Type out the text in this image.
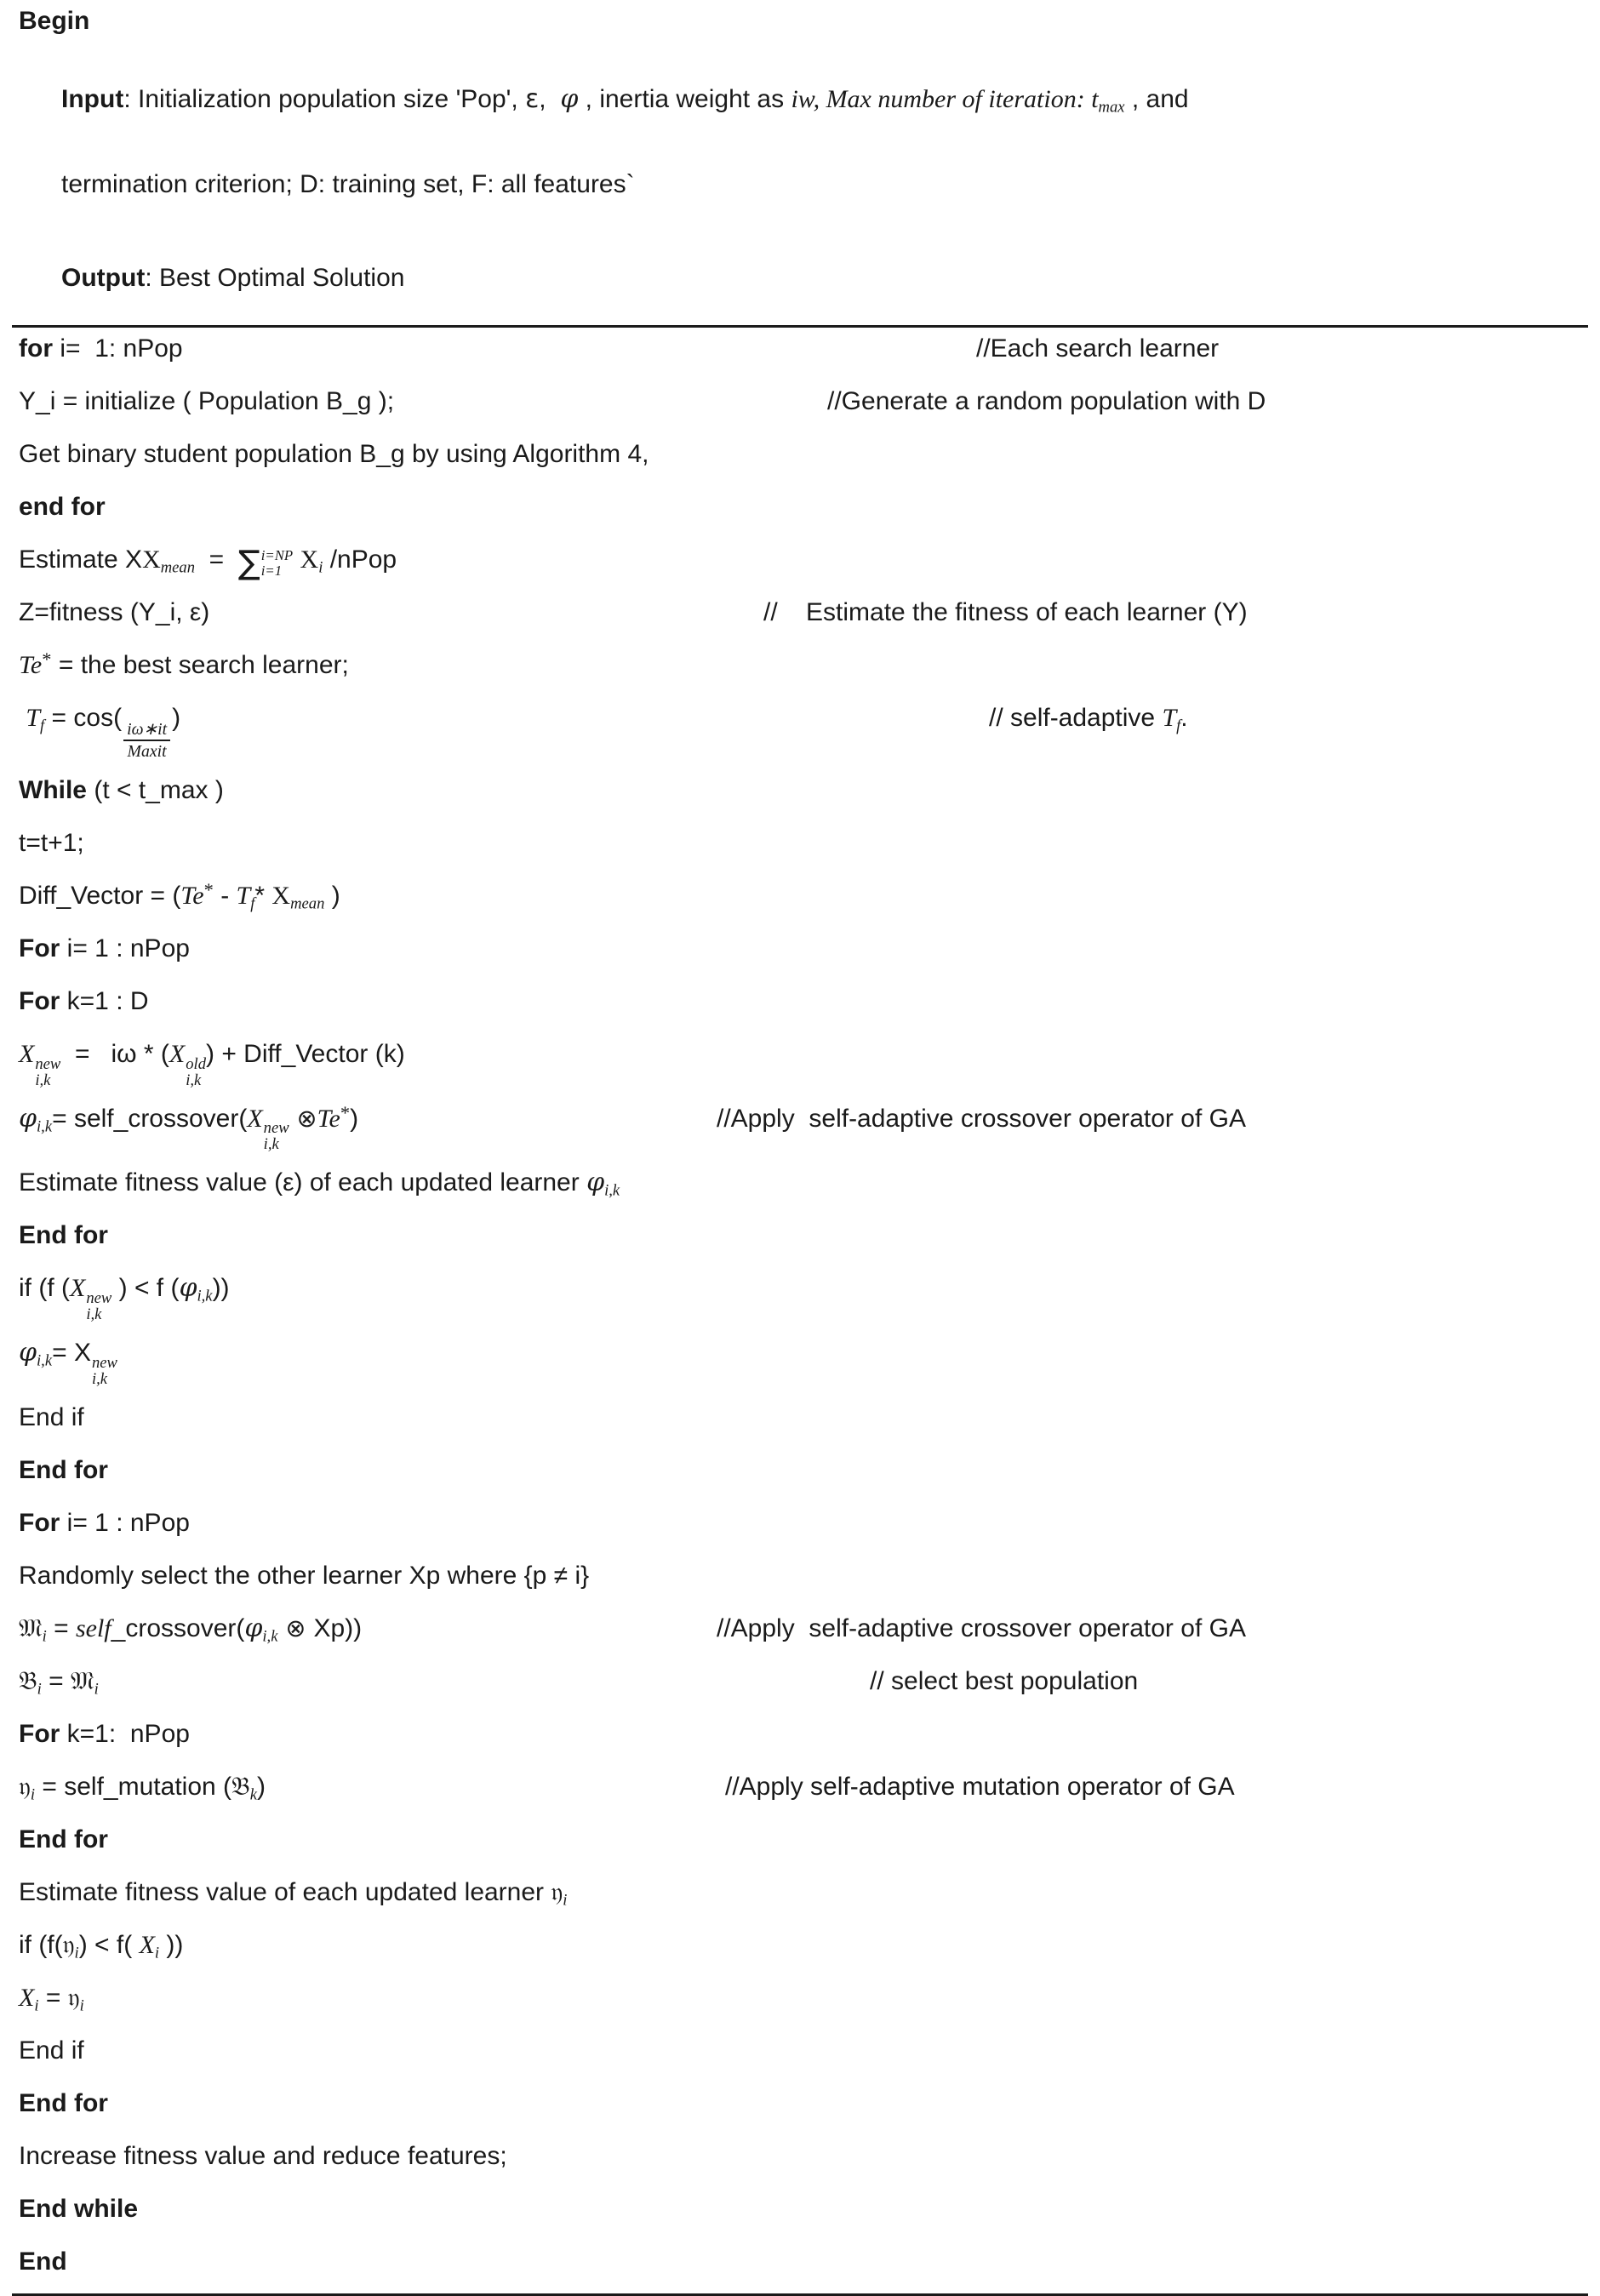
Begin

Input: Initialization population size 'Pop', ε,  φ , inertia weight as iw, Max number of iteration: $t_{max}$ , and

termination criterion; D: training set, F: all features`

Output: Best Optimal Solution

for i=  1: nPop	//Each search learner
Y_i = initialize ( Population B_g );	//Generate a random population with D
Get binary student population B_g by using Algorithm 4,
end for
Estimate $XX_{mean}$  = ∑ i=NP
i=1 $X_i$ /nPop
Z=fitness (Y_i, ε)	//    Estimate the fitness of each learner (Y)
Te* = the best search learner;
$T_f = \cos$(
$\frac{i\omega∗it}{\text{Maxit}}$
)	// self-adaptive $T_f$.
While (t < t_max )
t=t+1;
Diff_Vector = ($Te^* - T_f*$ $X_{mean}$ )
For i= 1 : nPop
For k=1 : D
X new
i,k
=   iω * (X old
i,k
) + Diff_Vector (k)
$\varphi_{i,k}=$ self_crossover(X new
i,k
⊗Te*)	//Apply  self-adaptive crossover operator of GA
Estimate fitness value (ε) of each updated learner $\varphi_{i,k}$
End for
if (f (X new
i,k
) < f $(\varphi_{i,k})$)
$\varphi_{i,k}= X$ new
i,k
End if
End for
For i= 1 : nPop
Randomly select the other learner Xp where {p ≠ i}
𝔐$_i$ = $self\_crossover(\varphi_{i,k}$ ⊗ Xp))	//Apply  self-adaptive crossover operator of GA
𝔅$_i$ = 𝔐$_i$	// select best population
For k=1:  nPop
𝔶$_i$ = self_mutation (𝔅$_k$)	//Apply self-adaptive mutation operator of GA
End for
Estimate fitness value of each updated learner 𝔶$_i$
if (f(𝔶$_i$) < f( $X_i$ ))
$X_i$ = 𝔶$_i$
End if
End for
Increase fitness value and reduce features;
End while
End
